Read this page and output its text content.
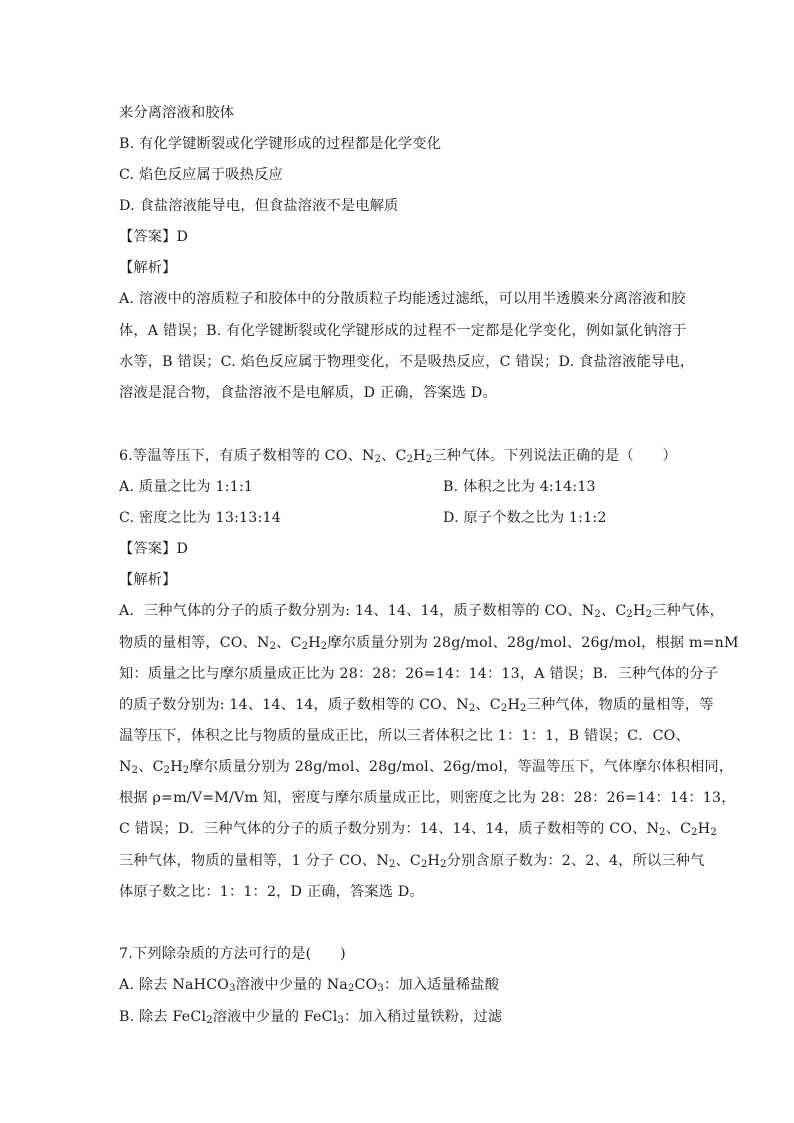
来分离溶液和胶体
B. 有化学键断裂或化学键形成的过程都是化学变化
C. 焰色反应属于吸热反应
D. 食盐溶液能导电，但食盐溶液不是电解质
【答案】D
【解析】
A. 溶液中的溶质粒子和胶体中的分散质粒子均能透过滤纸，可以用半透膜来分离溶液和胶
体，A 错误；B. 有化学键断裂或化学键形成的过程不一定都是化学变化，例如氯化钠溶于
水等，B 错误；C. 焰色反应属于物理变化，不是吸热反应，C 错误；D. 食盐溶液能导电，
溶液是混合物，食盐溶液不是电解质，D 正确，答案选 D。
6.等温等压下，有质子数相等的 CO、$N_2$、$C_2H_2$三种气体。下列说法正确的是（　　）
A. 质量之比为 1:1:1	B. 体积之比为 4:14:13
C. 密度之比为 13:13:14	D. 原子个数之比为 1:1:2
【答案】D
【解析】
A．三种气体的分子的质子数分别为: 14、14、14，质子数相等的 CO、$N_2$、$C_2H_2$三种气体，
物质的量相等，CO、$N_2$、$C_2H_2$摩尔质量分别为 28g/mol、28g/mol、26g/mol，根据 m=nM
知：质量之比与摩尔质量成正比为 28：28：26=14：14：13，A 错误；B．三种气体的分子
的质子数分别为: 14、14、14，质子数相等的 CO、$N_2$、$C_2H_2$三种气体，物质的量相等，等
温等压下，体积之比与物质的量成正比，所以三者体积之比 1：1：1，B 错误；C．CO、
$N_2$、$C_2H_2$摩尔质量分别为 28g/mol、28g/mol、26g/mol，等温等压下，气体摩尔体积相同，
根据 ρ=m/V=M/Vm 知，密度与摩尔质量成正比，则密度之比为 28：28：26=14：14：13，
C 错误；D．三种气体的分子的质子数分别为：14、14、14，质子数相等的 CO、$N_2$、$C_2H_2$
三种气体，物质的量相等，1 分子 CO、$N_2$、$C_2H_2$分别含原子数为：2、2、4，所以三种气
体原子数之比：1：1：2，D 正确，答案选 D。
7.下列除杂质的方法可行的是(　　)
A. 除去 NaHCO$_3$溶液中少量的 $Na_2CO_3$：加入适量稀盐酸
B. 除去 FeCl$_2$溶液中少量的 FeCl$_3$：加入稍过量铁粉，过滤
